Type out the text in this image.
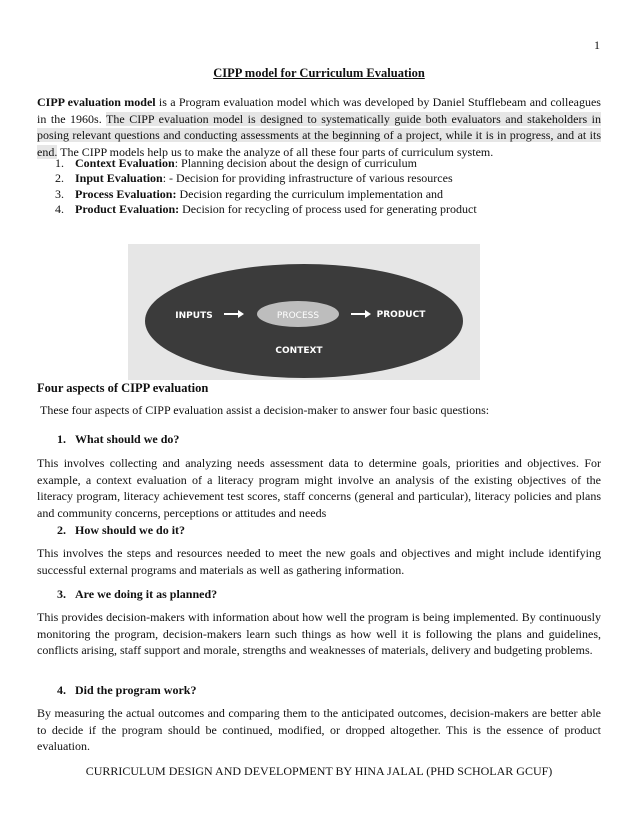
1
CIPP model for Curriculum Evaluation
CIPP evaluation model is a Program evaluation model which was developed by Daniel Stufflebeam and colleagues in the 1960s. The CIPP evaluation model is designed to systematically guide both evaluators and stakeholders in posing relevant questions and conducting assessments at the beginning of a project, while it is in progress, and at its end. The CIPP models help us to make the analyze of all these four parts of curriculum system.
1. Context Evaluation: Planning decision about the design of curriculum
2. Input Evaluation: - Decision for providing infrastructure of various resources
3. Process Evaluation: Decision regarding the curriculum implementation and
4. Product Evaluation: Decision for recycling of process used for generating product
INPUTS	PROCESS	PRODUCT
CONTEXT
Four aspects of CIPP evaluation
These four aspects of CIPP evaluation assist a decision-maker to answer four basic questions:
1. What should we do?
This involves collecting and analyzing needs assessment data to determine goals, priorities and objectives. For example, a context evaluation of a literacy program might involve an analysis of the existing objectives of the literacy program, literacy achievement test scores, staff concerns (general and particular), literacy policies and plans and community concerns, perceptions or attitudes and needs
2. How should we do it?
This involves the steps and resources needed to meet the new goals and objectives and might include identifying successful external programs and materials as well as gathering information.
3. Are we doing it as planned?
This provides decision-makers with information about how well the program is being implemented. By continuously monitoring the program, decision-makers learn such things as how well it is following the plans and guidelines, conflicts arising, staff support and morale, strengths and weaknesses of materials, delivery and budgeting problems.
4. Did the program work?
By measuring the actual outcomes and comparing them to the anticipated outcomes, decision-makers are better able to decide if the program should be continued, modified, or dropped altogether. This is the essence of product evaluation.
CURRICULUM DESIGN AND DEVELOPMENT BY HINA JALAL (PHD SCHOLAR GCUF)
